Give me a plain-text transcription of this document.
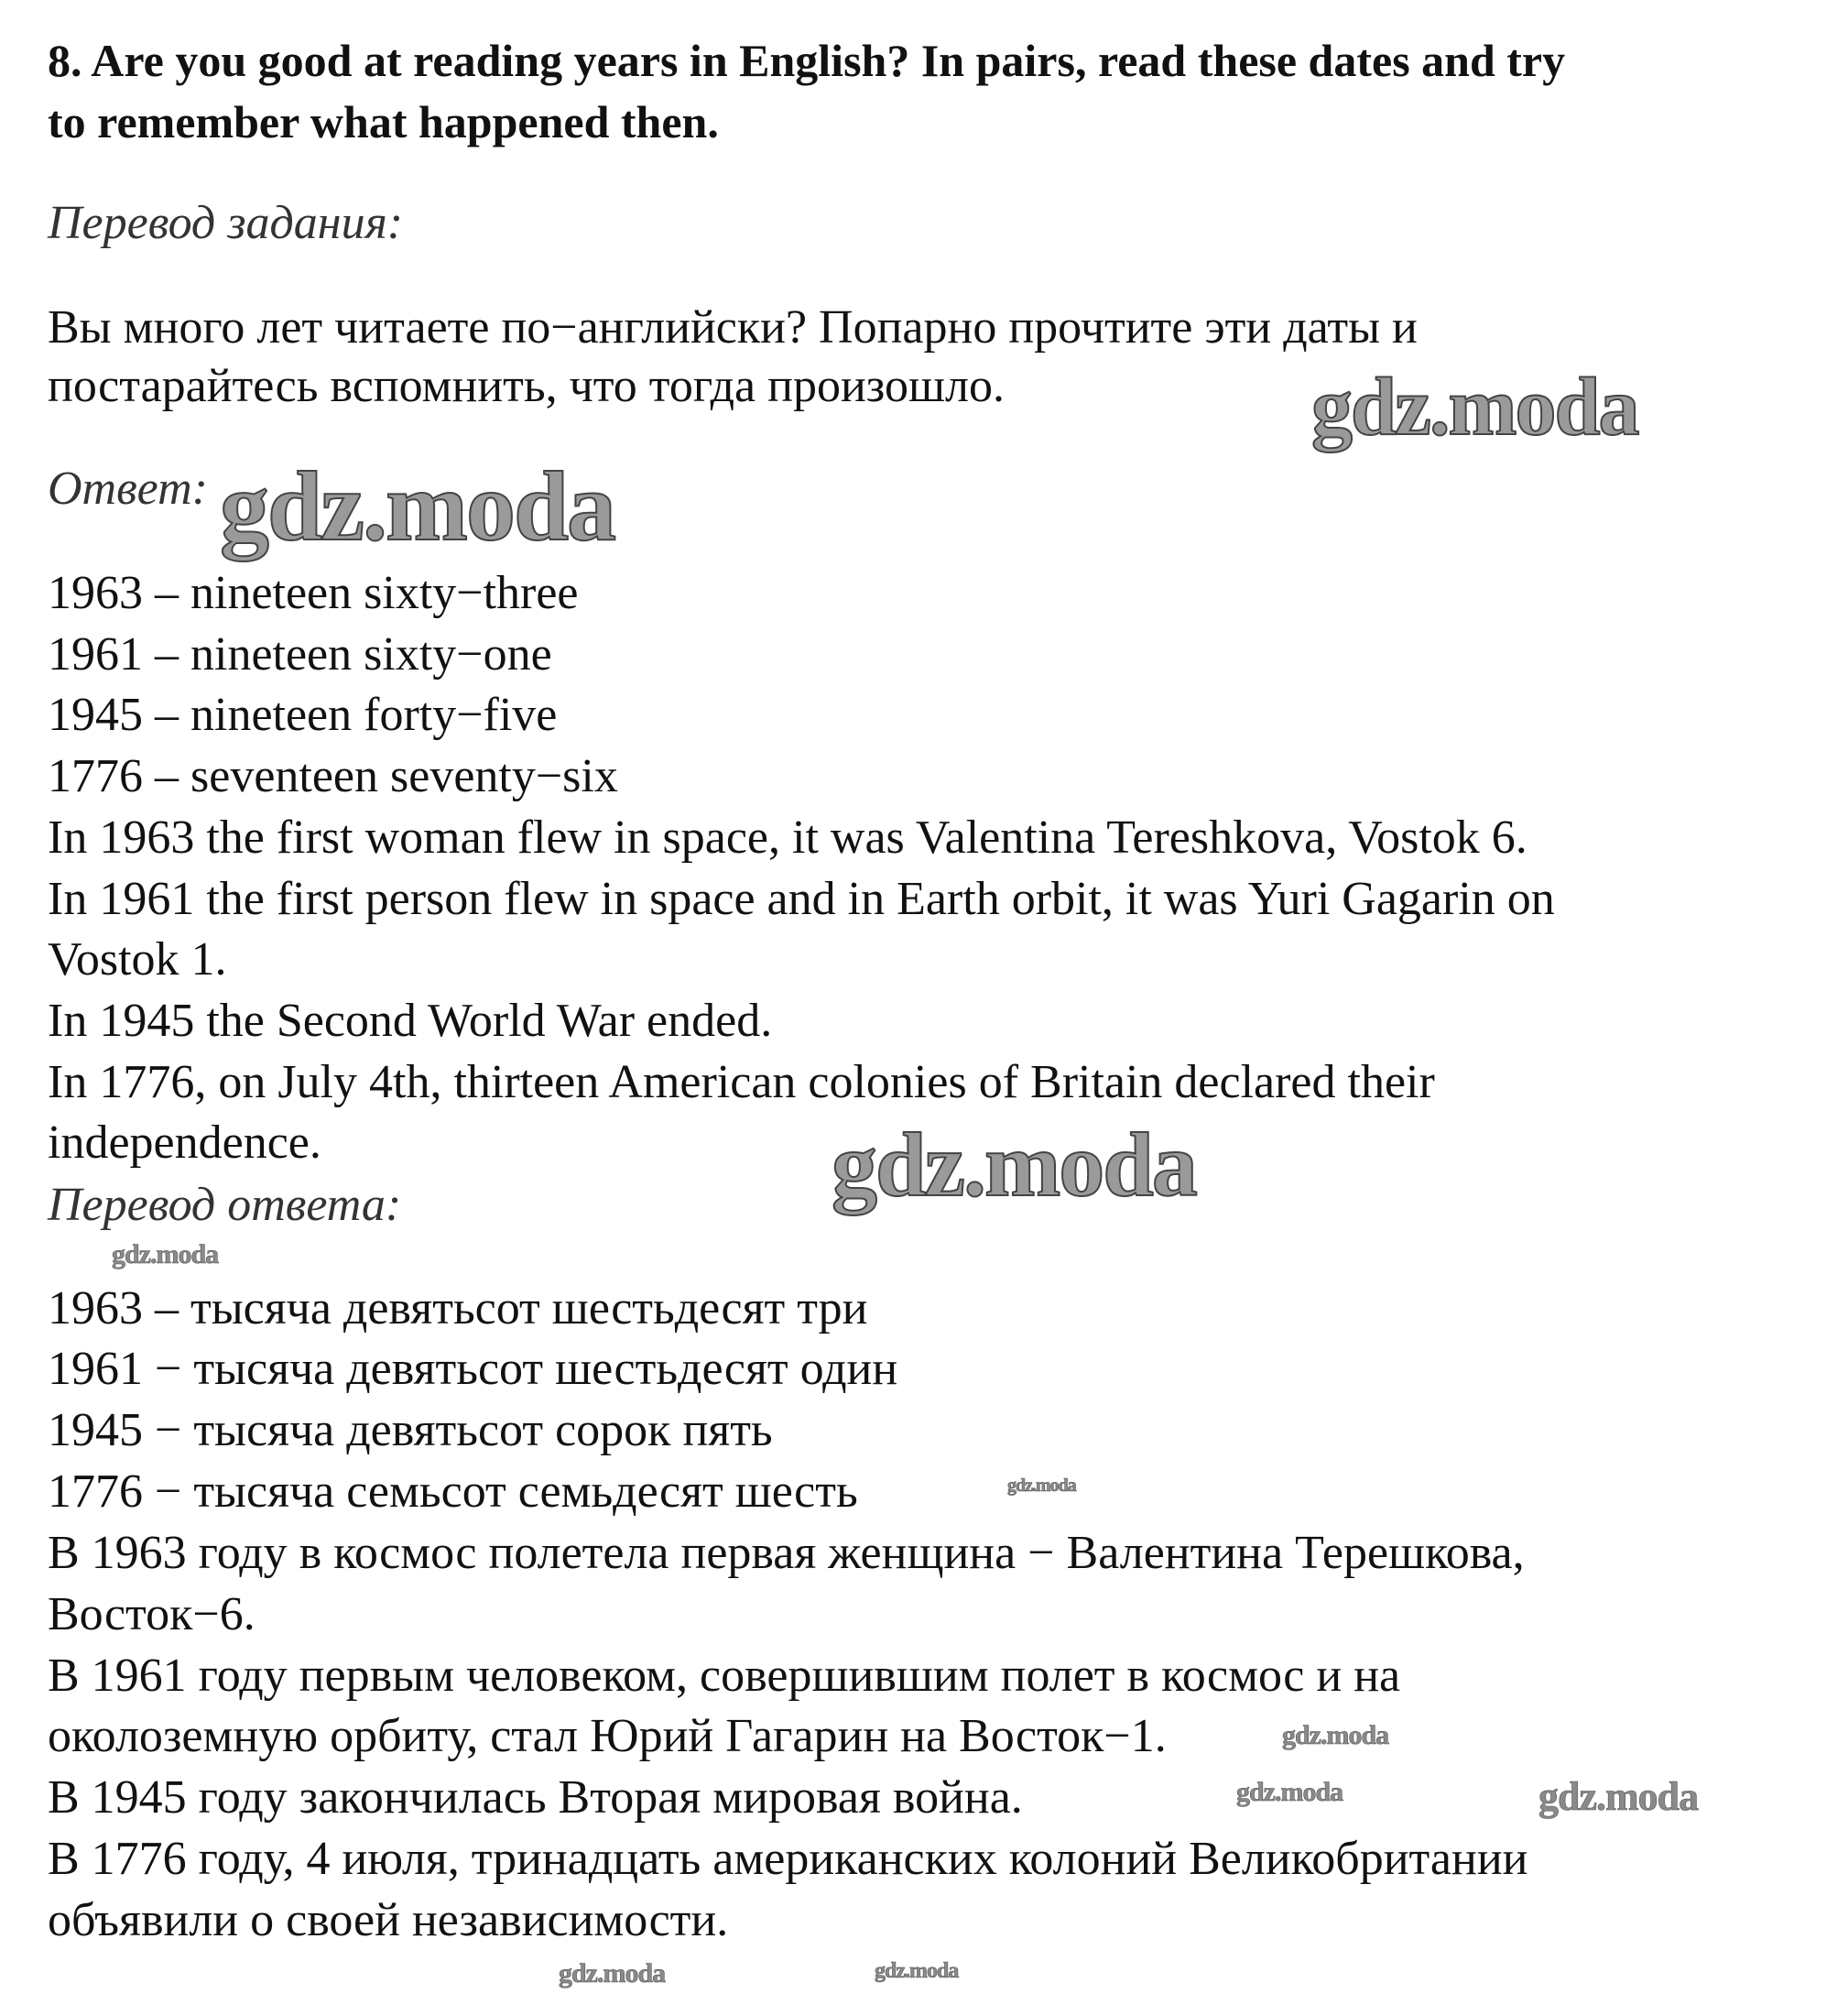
8. Are you good at reading years in English? In pairs, read these dates and try
to remember what happened then.
Перевод задания:
Вы много лет читаете по−английски? Попарно прочтите эти даты и
постарайтесь вспомнить, что тогда произошло.
Ответ:
1963 – nineteen sixty−three
1961 – nineteen sixty−one
1945 – nineteen forty−five
1776 – seventeen seventy−six
In 1963 the first woman flew in space, it was Valentina Tereshkova, Vostok 6.
In 1961 the first person flew in space and in Earth orbit, it was Yuri Gagarin on
Vostok 1.
In 1945 the Second World War ended.
In 1776, on July 4th, thirteen American colonies of Britain declared their
independence.
Перевод ответа:
1963 – тысяча девятьсот шестьдесят три
1961 − тысяча девятьсот шестьдесят один
1945 − тысяча девятьсот сорок пять
1776 − тысяча семьсот семьдесят шесть
В 1963 году в космос полетела первая женщина − Валентина Терешкова,
Восток−6.
В 1961 году первым человеком, совершившим полет в космос и на
околоземную орбиту, стал Юрий Гагарин на Восток−1.
В 1945 году закончилась Вторая мировая война.
В 1776 году, 4 июля, тринадцать американских колоний Великобритании
объявили о своей независимости.
gdz.moda
gdz.moda
gdz.moda
gdz.moda
gdz.moda
gdz.moda
gdz.moda	gdz.moda
gdz.moda	gdz.moda
